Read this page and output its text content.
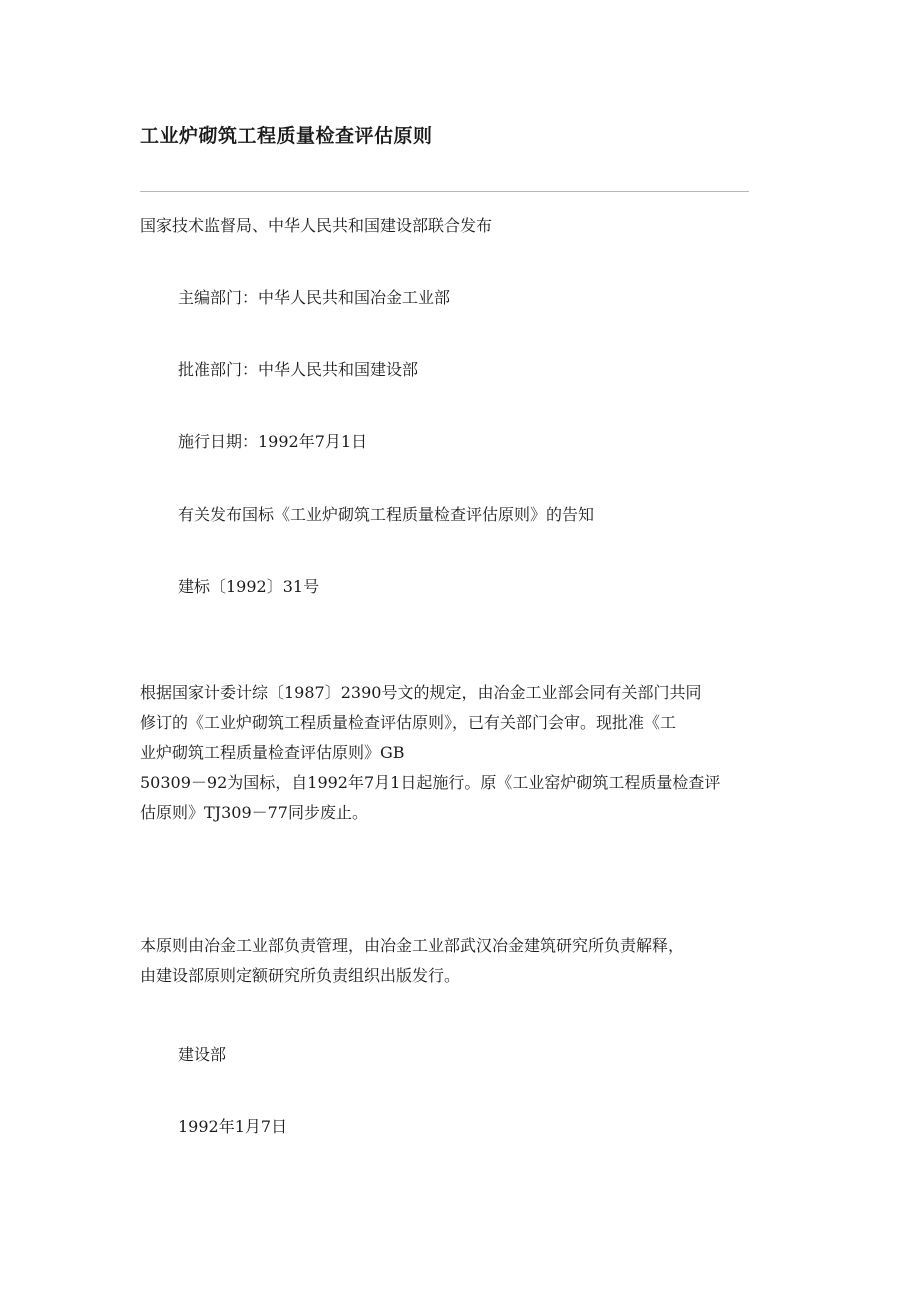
工业炉砌筑工程质量检查评估原则

国家技术监督局、中华人民共和国建设部联合发布

主编部门：中华人民共和国冶金工业部

批准部门：中华人民共和国建设部

施行日期：1992年7月1日

有关发布国标《工业炉砌筑工程质量检查评估原则》的告知

建标〔1992〕31号

根据国家计委计综〔1987〕2390号文的规定，由冶金工业部会同有关部门共同
修订的《工业炉砌筑工程质量检查评估原则》，已有关部门会审。现批准《工
业炉砌筑工程质量检查评估原则》GB
50309－92为国标，自1992年7月1日起施行。原《工业窑炉砌筑工程质量检查评
估原则》TJ309－77同步废止。
本原则由冶金工业部负责管理，由冶金工业部武汉冶金建筑研究所负责解释，
由建设部原则定额研究所负责组织出版发行。

建设部

1992年1月7日
